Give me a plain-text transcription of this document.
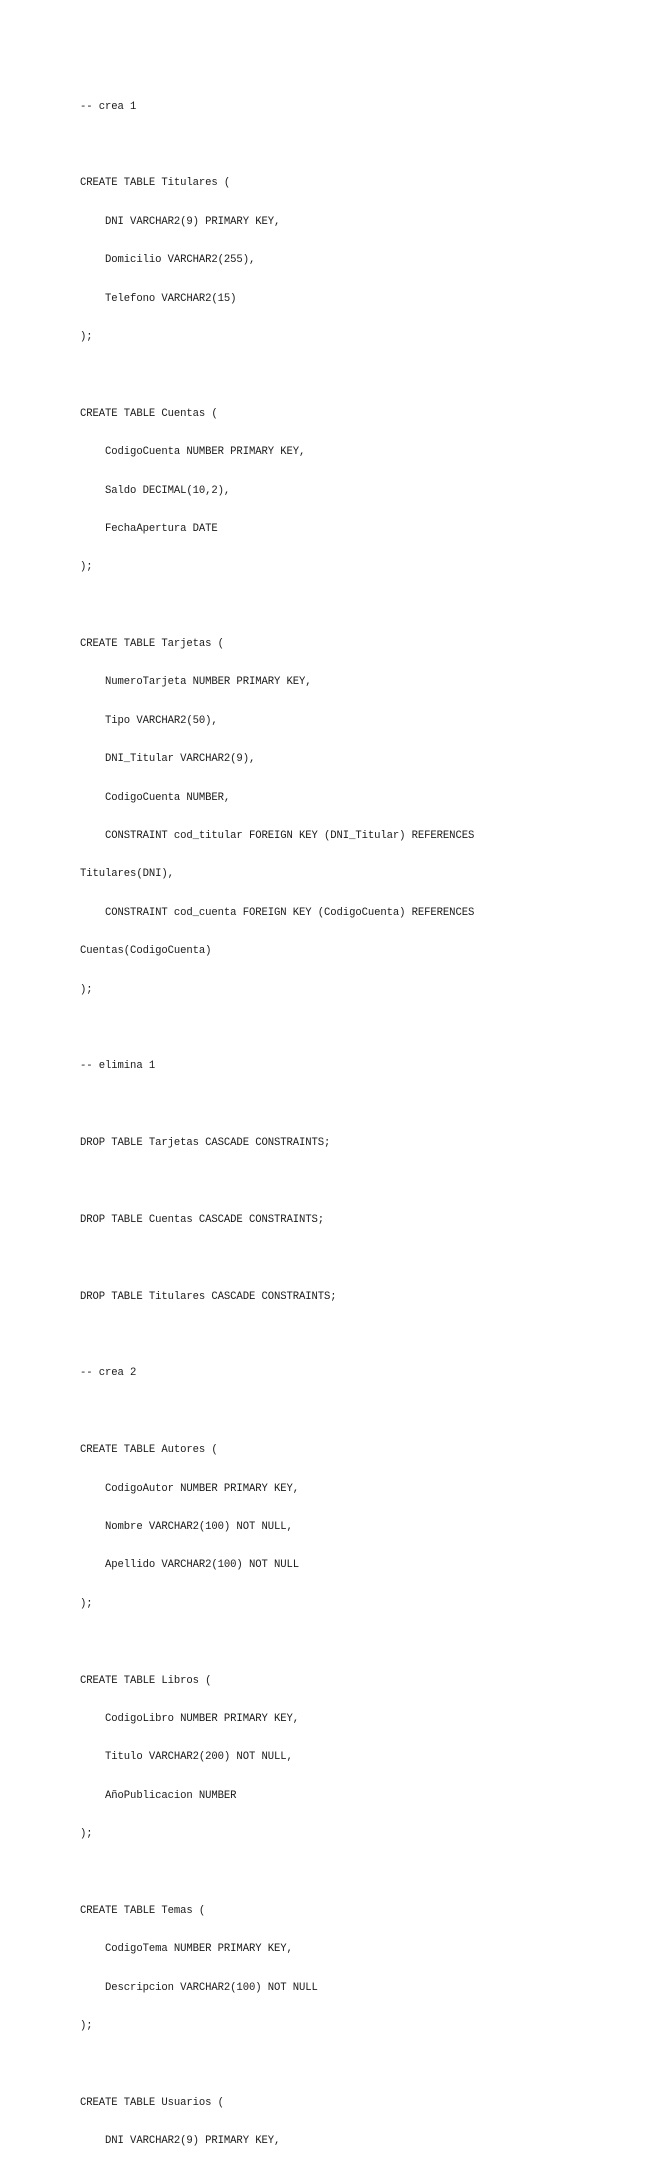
-- crea 1

CREATE TABLE Titulares (

DNI VARCHAR2(9) PRIMARY KEY,

Domicilio VARCHAR2(255),

Telefono VARCHAR2(15)

);

CREATE TABLE Cuentas (

CodigoCuenta NUMBER PRIMARY KEY,

Saldo DECIMAL(10,2),

FechaApertura DATE

);

CREATE TABLE Tarjetas (

NumeroTarjeta NUMBER PRIMARY KEY,

Tipo VARCHAR2(50),

DNI_Titular VARCHAR2(9),

CodigoCuenta NUMBER,

CONSTRAINT cod_titular FOREIGN KEY (DNI_Titular) REFERENCES

Titulares(DNI),

CONSTRAINT cod_cuenta FOREIGN KEY (CodigoCuenta) REFERENCES

Cuentas(CodigoCuenta)

);

-- elimina 1

DROP TABLE Tarjetas CASCADE CONSTRAINTS;

DROP TABLE Cuentas CASCADE CONSTRAINTS;

DROP TABLE Titulares CASCADE CONSTRAINTS;

-- crea 2

CREATE TABLE Autores (

CodigoAutor NUMBER PRIMARY KEY,

Nombre VARCHAR2(100) NOT NULL,

Apellido VARCHAR2(100) NOT NULL

);

CREATE TABLE Libros (

CodigoLibro NUMBER PRIMARY KEY,

Titulo VARCHAR2(200) NOT NULL,

AñoPublicacion NUMBER

);

CREATE TABLE Temas (

CodigoTema NUMBER PRIMARY KEY,

Descripcion VARCHAR2(100) NOT NULL

);

CREATE TABLE Usuarios (

DNI VARCHAR2(9) PRIMARY KEY,
